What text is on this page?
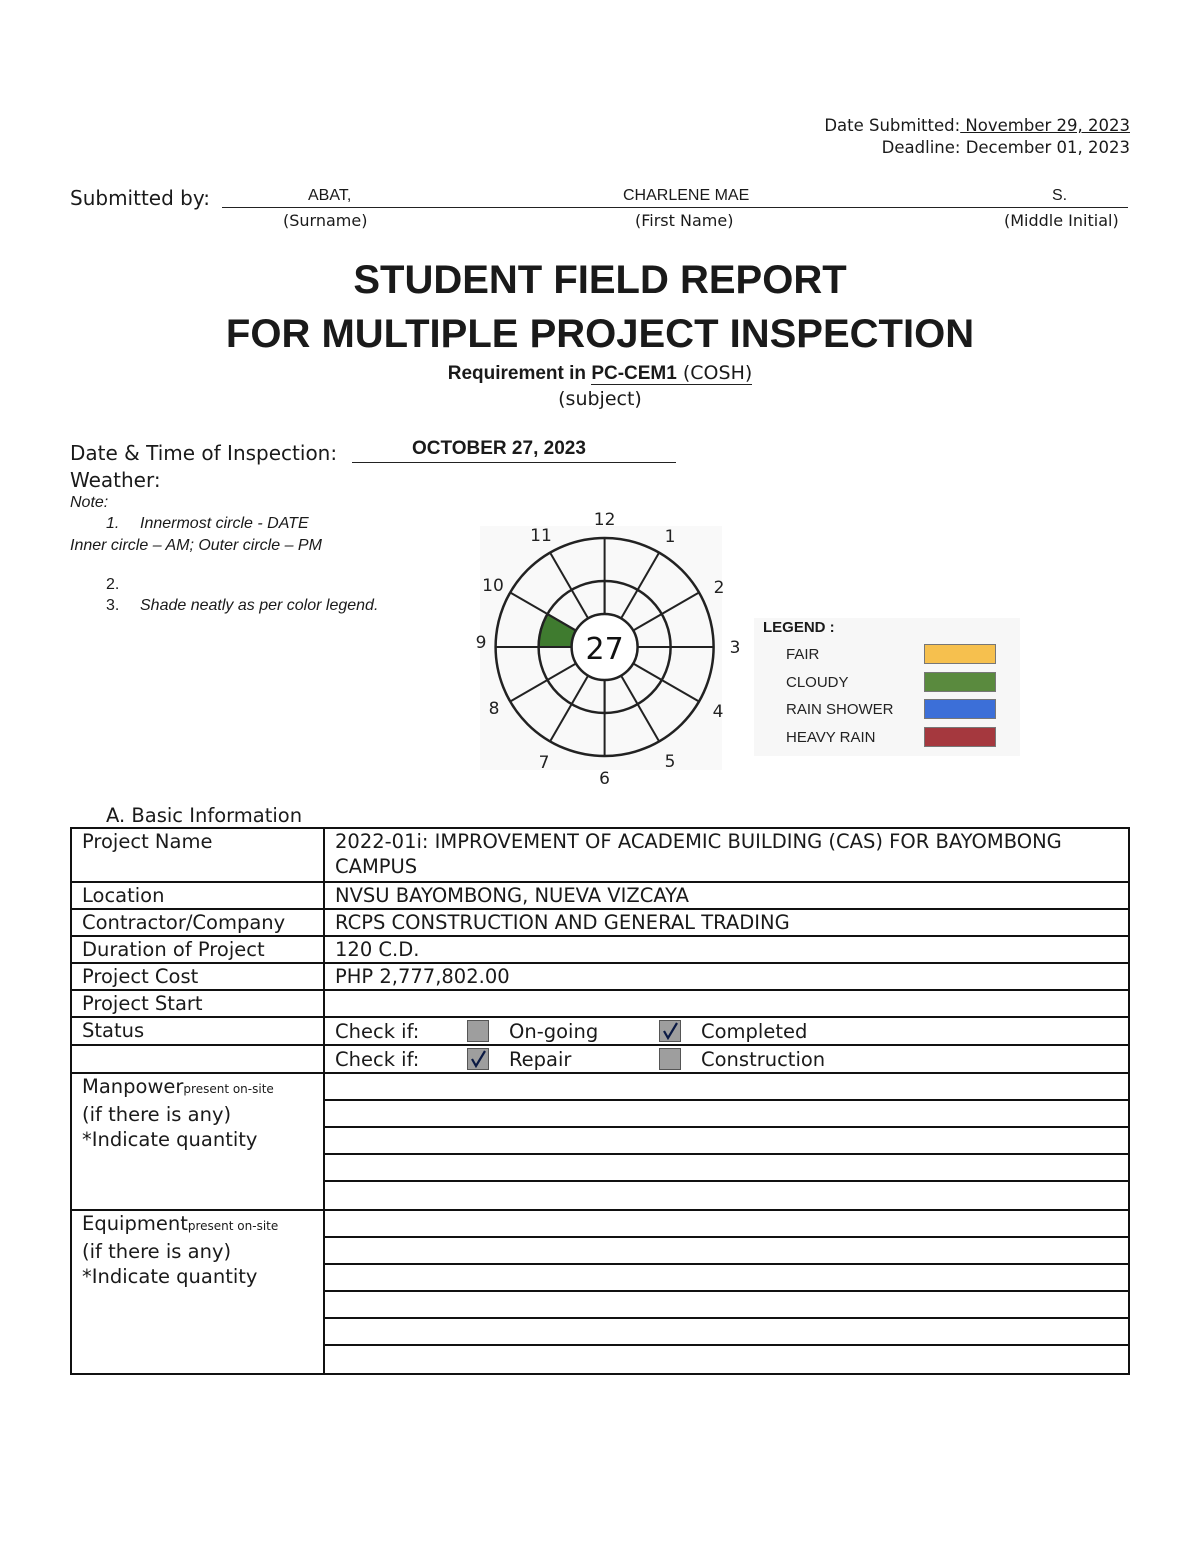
Date Submitted: November 29, 2023
Deadline: December 01, 2023
Submitted by:	ABAT,	CHARLENE MAE	S.
(Surname)	(First Name)	(Middle Initial)
STUDENT FIELD REPORT
FOR MULTIPLE PROJECT INSPECTION
Requirement in PC-CEM1 (COSH)
(subject)
Date & Time of Inspection:	OCTOBER 27, 2023
Weather:
Note:
1. Innermost circle - DATE
Inner circle – AM; Outer circle – PM
2.
3. Shade neatly as per color legend.
27
12
1
2
3
4
5
6
7
8
9
10
11
LEGEND :
FAIR
CLOUDY
RAIN SHOWER
HEAVY RAIN
A. Basic Information
Project Name	2022-01i: IMPROVEMENT OF ACADEMIC BUILDING (CAS) FOR BAYOMBONG CAMPUS
Location	NVSU BAYOMBONG, NUEVA VIZCAYA
Contractor/Company	RCPS CONSTRUCTION AND GENERAL TRADING
Duration of Project	120 C.D.
Project Cost	PHP 2,777,802.00
Project Start	
Status	Check if: On-going Completed

	Check if: Repair Construction

Manpowerpresent on-site
(if there is any)
*Indicate quantity	

Equipmentpresent on-site
(if there is any)
*Indicate quantity	
